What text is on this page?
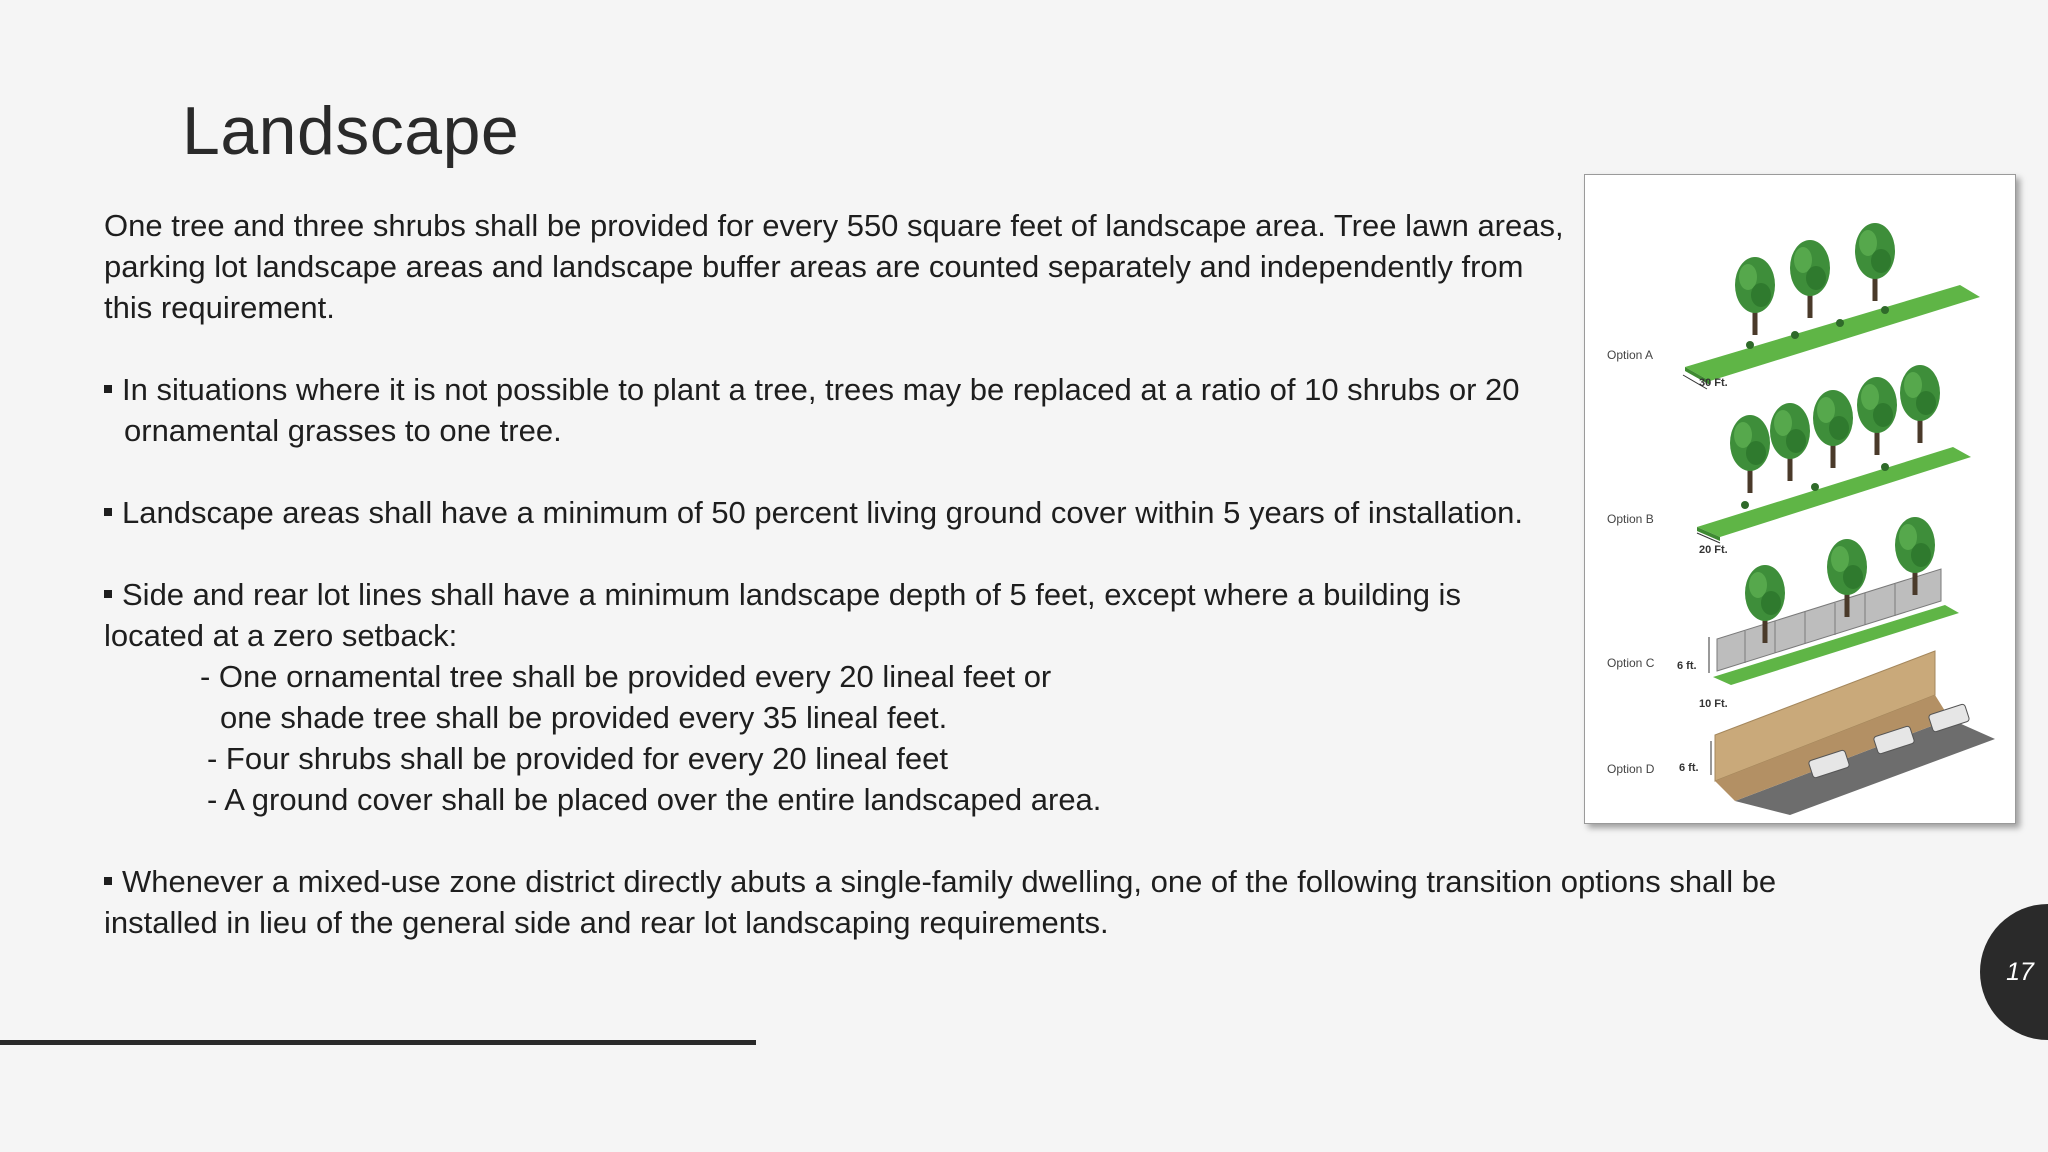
Landscape
One tree and three shrubs shall be provided for every 550 square feet of landscape area. Tree lawn areas,
parking lot landscape areas and landscape buffer areas are counted separately and independently from
this requirement.
In situations where it is not possible to plant a tree, trees may be replaced at a ratio of 10 shrubs or 20
ornamental grasses to one tree.
Landscape areas shall have a minimum of 50 percent living ground cover within 5 years of installation.
Side and rear lot lines shall have a minimum landscape depth of 5 feet, except where a building is
located at a zero setback:
- One ornamental tree shall be provided every 20 lineal feet or
one shade tree shall be provided every 35 lineal feet.
- Four shrubs shall be provided for every 20 lineal feet
- A ground cover shall be placed over the entire landscaped area.
Whenever a mixed-use zone district directly abuts a single-family dwelling, one of the following transition options shall be
installed in lieu of the general side and rear lot landscaping requirements.
Option A
Option B
Option C
Option D
30 Ft.
20 Ft.
10 Ft.
6 ft.
6 ft.
17
